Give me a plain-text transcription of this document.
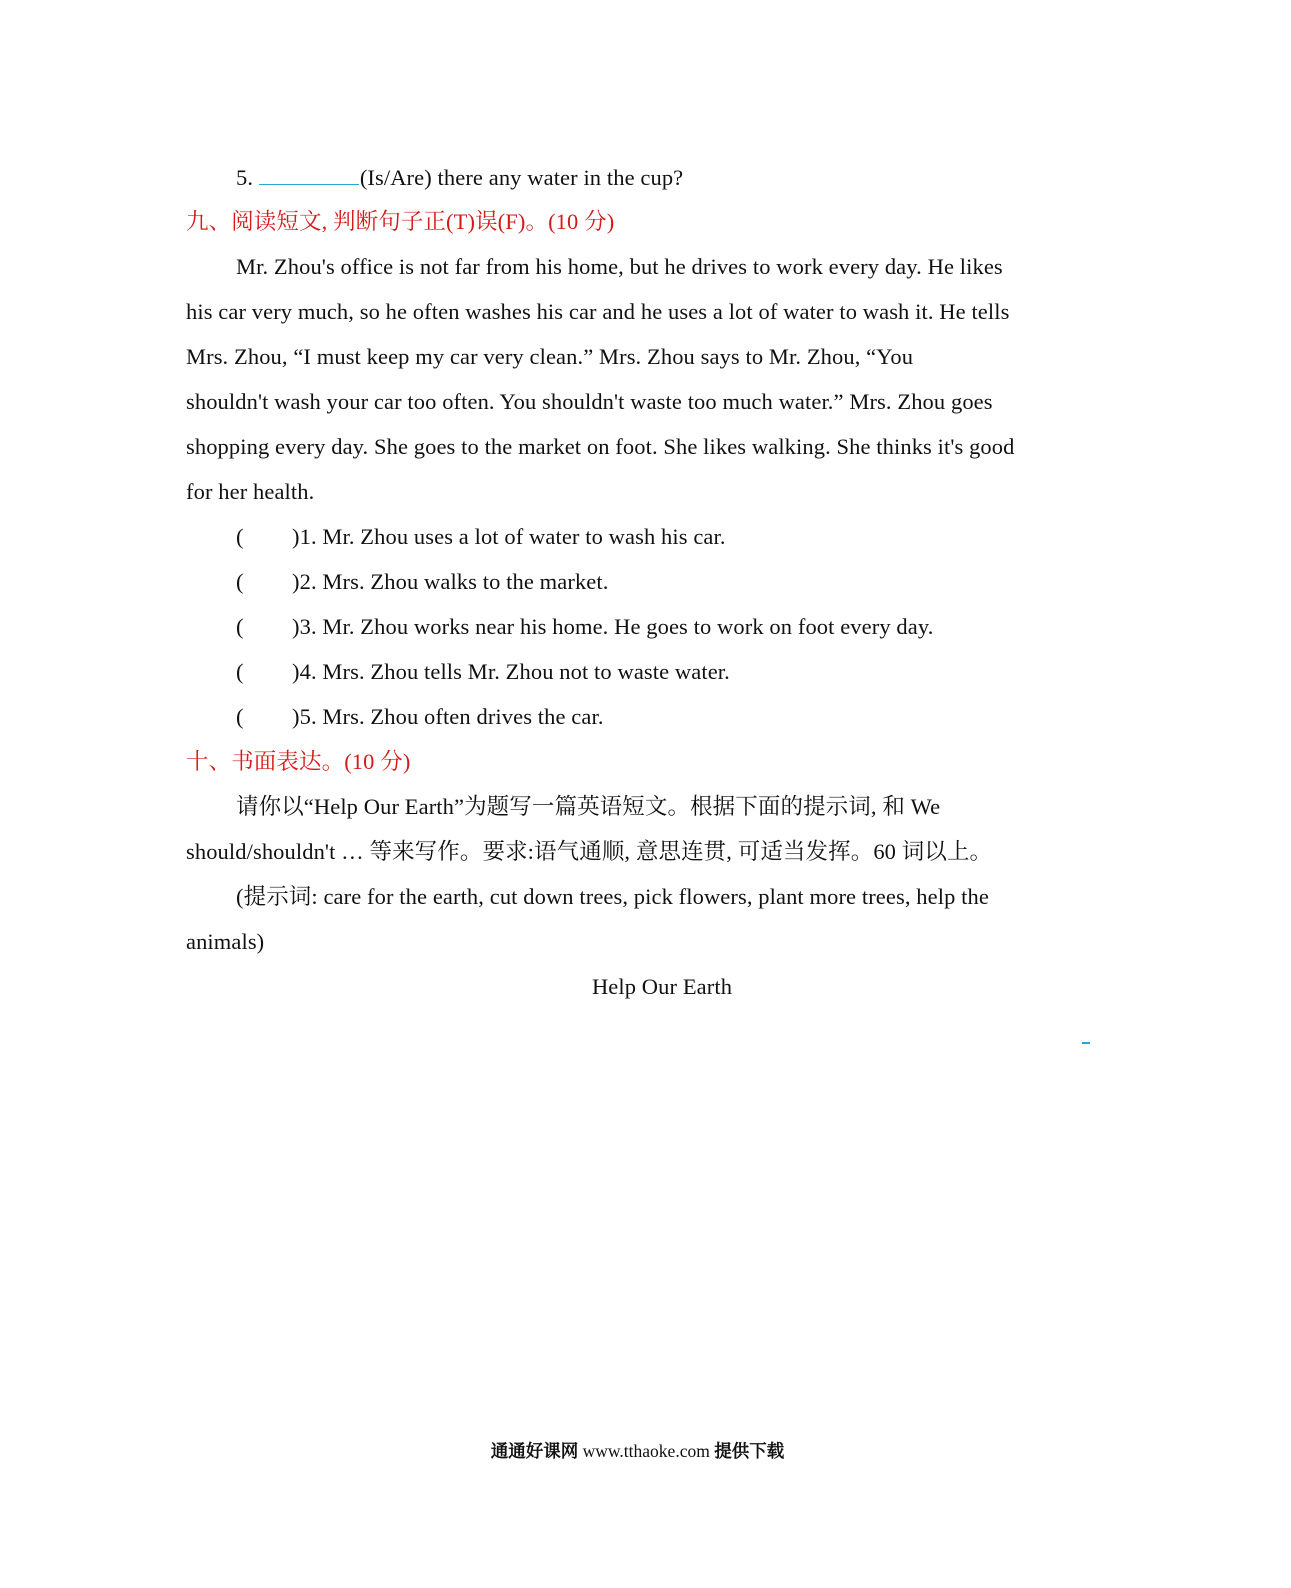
5.	(Is/Are) there any water in the cup?
九、阅读短文, 判断句子正(T)误(F)。(10 分)
Mr. Zhou's office is not far from his home, but he drives to work every day. He likes
his car very much, so he often washes his car and he uses a lot of water to wash it. He tells
Mrs. Zhou, “I must keep my car very clean.” Mrs. Zhou says to Mr. Zhou, “You
shouldn't wash your car too often. You shouldn't waste too much water.” Mrs. Zhou goes
shopping every day. She goes to the market on foot. She likes walking. She thinks it's good
for her health.
( )1. Mr. Zhou uses a lot of water to wash his car.
( )2. Mrs. Zhou walks to the market.
( )3. Mr. Zhou works near his home. He goes to work on foot every day.
( )4. Mrs. Zhou tells Mr. Zhou not to waste water.
( )5. Mrs. Zhou often drives the car.
十、书面表达。(10 分)
请你以“Help Our Earth”为题写一篇英语短文。根据下面的提示词, 和 We
should/shouldn't … 等来写作。要求:语气通顺, 意思连贯, 可适当发挥。60 词以上。
(提示词: care for the earth, cut down trees, pick flowers, plant more trees, help the
animals)
Help Our Earth
通通好课网 www.tthaoke.com 提供下载
